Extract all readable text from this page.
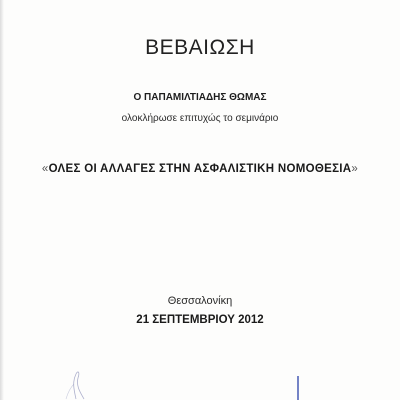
ΒΕΒΑΙΩΣΗ
Ο ΠΑΠΑΜΙΛΤΙΑΔΗΣ ΘΩΜΑΣ
ολοκλήρωσε επιτυχώς το σεμινάριο
«ΟΛΕΣ ΟΙ ΑΛΛΑΓΕΣ ΣΤΗΝ ΑΣΦΑΛΙΣΤΙΚΗ ΝΟΜΟΘΕΣΙΑ»
Θεσσαλονίκη
21 ΣΕΠΤΕΜΒΡΙΟΥ 2012
